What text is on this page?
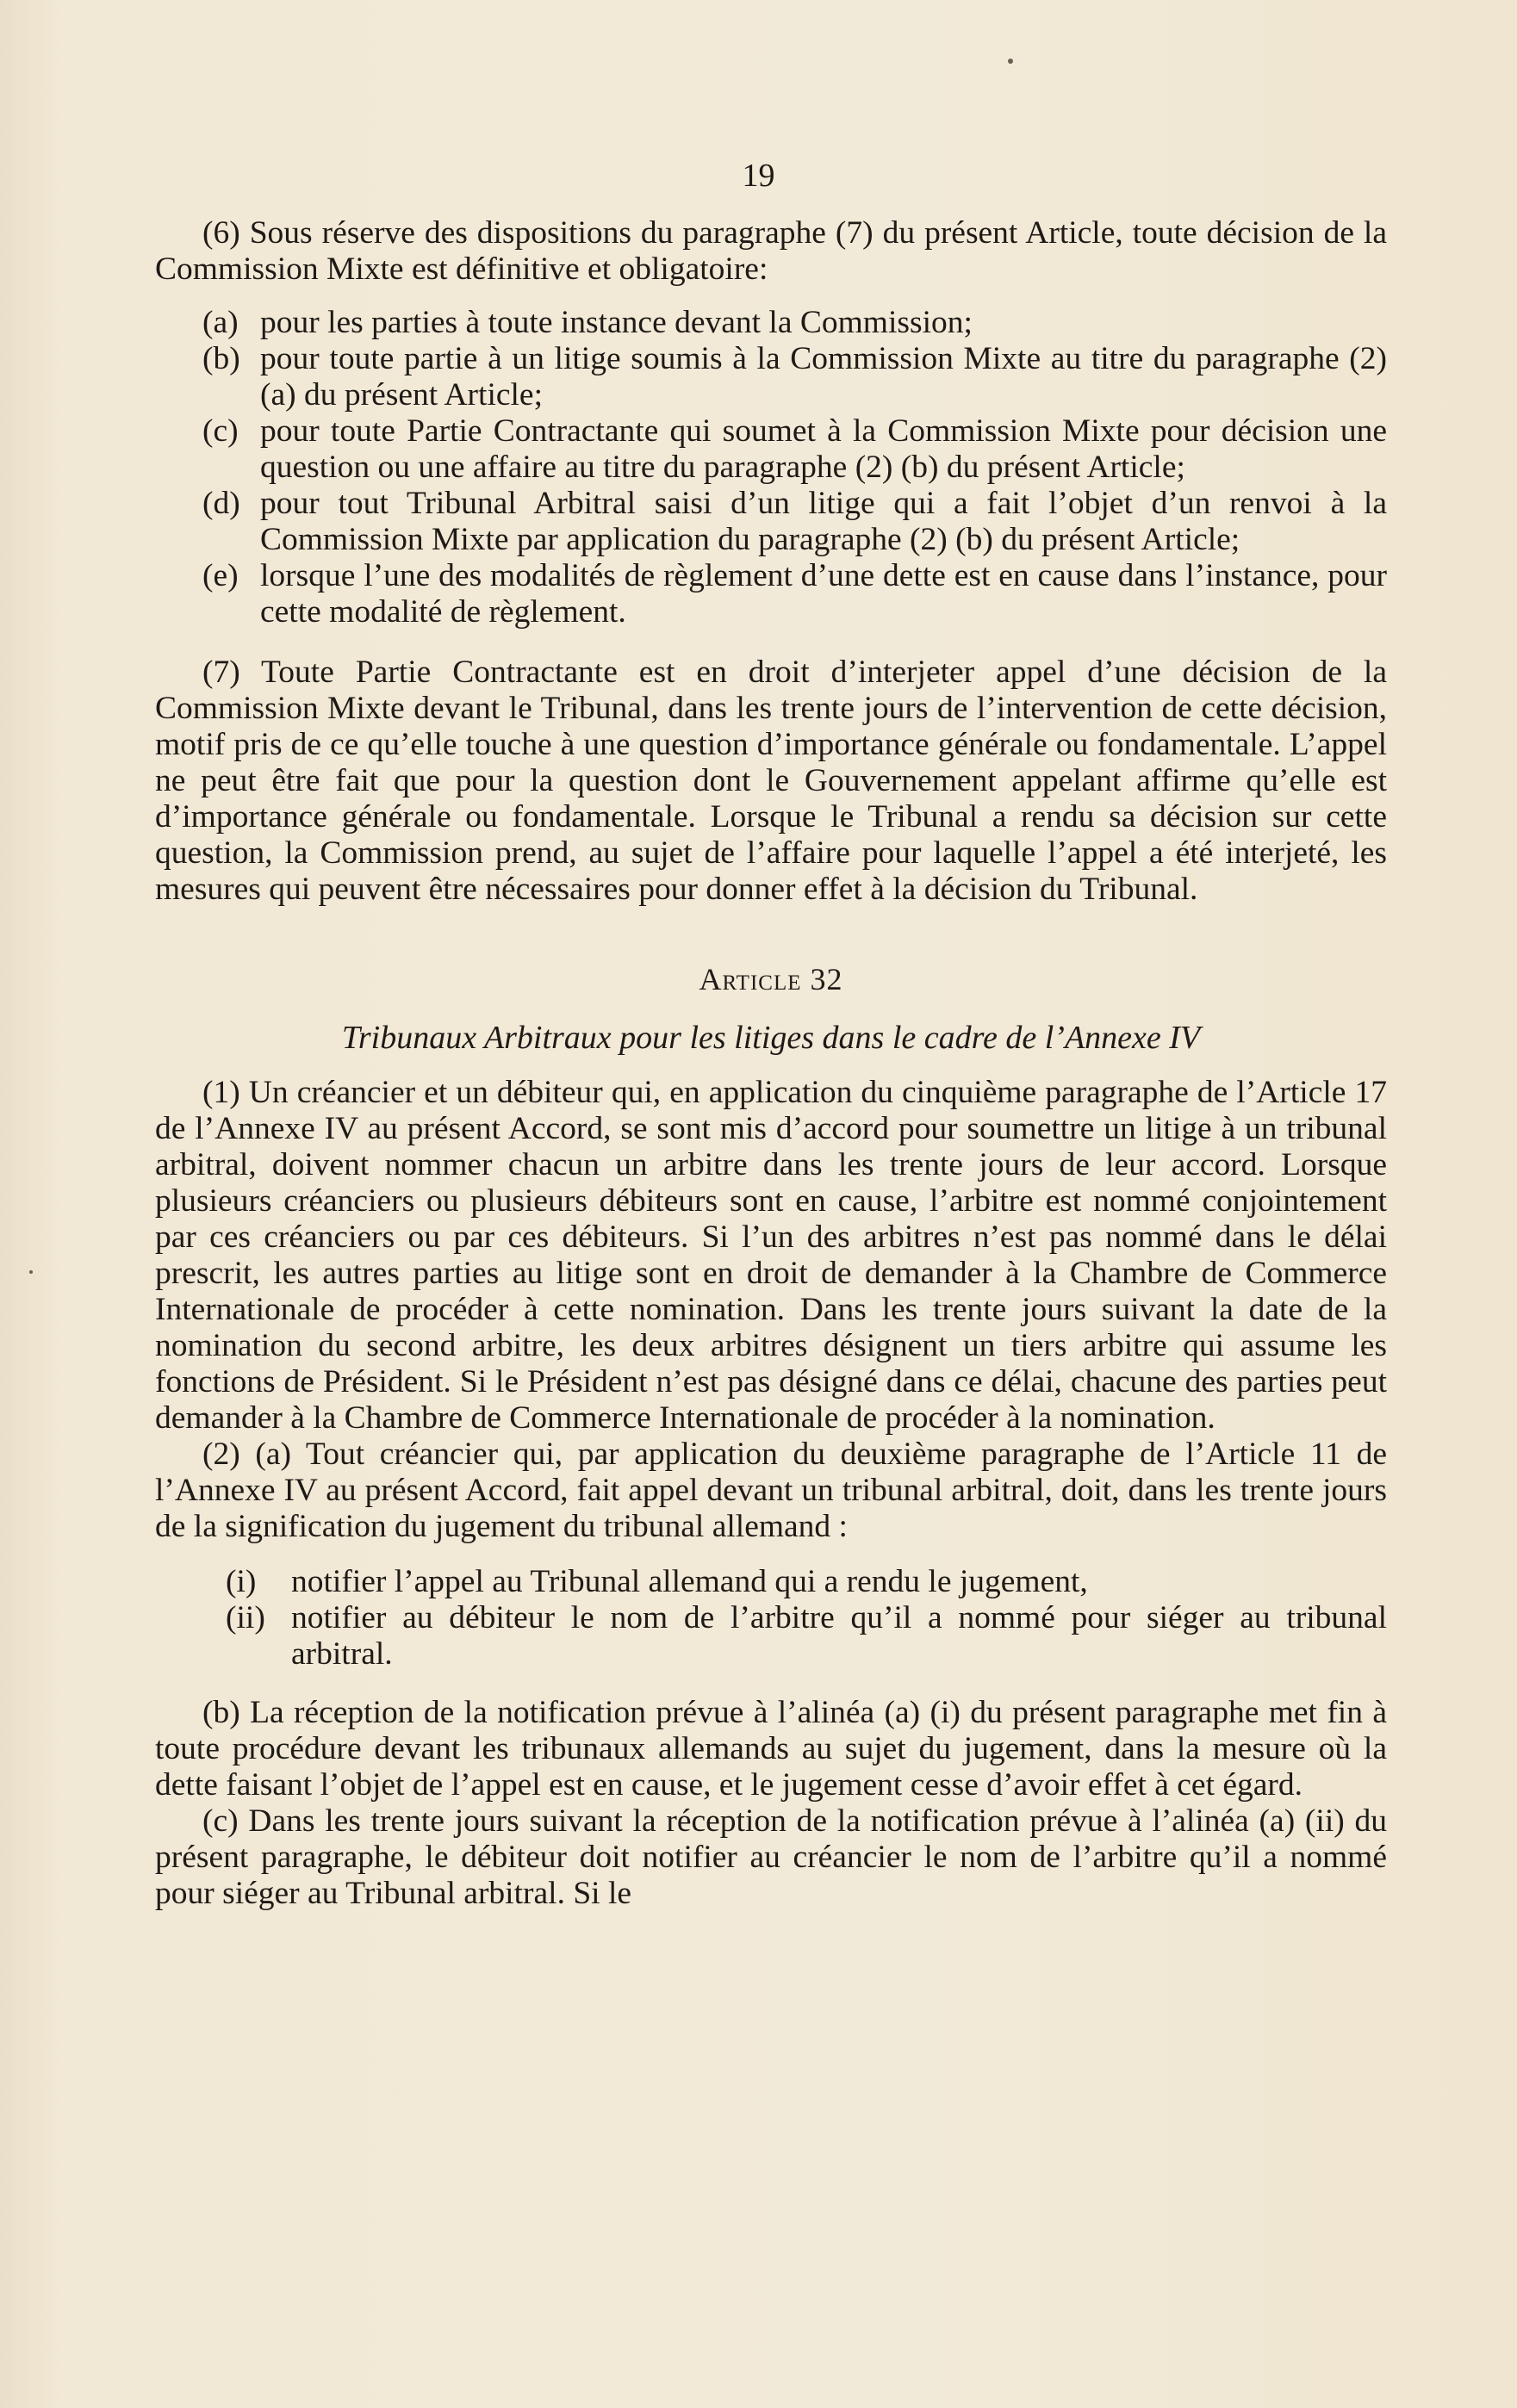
19

(6) Sous réserve des dispositions du paragraphe (7) du présent Article, toute décision de la Commission Mixte est définitive et obligatoire:

(a) pour les parties à toute instance devant la Commission;

(b) pour toute partie à un litige soumis à la Commission Mixte au titre du paragraphe (2) (a) du présent Article;

(c) pour toute Partie Contractante qui soumet à la Commission Mixte pour décision une question ou une affaire au titre du paragraphe (2) (b) du présent Article;

(d) pour tout Tribunal Arbitral saisi d’un litige qui a fait l’objet d’un renvoi à la Commission Mixte par application du paragraphe (2) (b) du présent Article;

(e) lorsque l’une des modalités de règlement d’une dette est en cause dans l’instance, pour cette modalité de règlement.

(7) Toute Partie Contractante est en droit d’interjeter appel d’une décision de la Commission Mixte devant le Tribunal, dans les trente jours de l’intervention de cette décision, motif pris de ce qu’elle touche à une question d’importance générale ou fondamentale. L’appel ne peut être fait que pour la question dont le Gouvernement appelant affirme qu’elle est d’importance générale ou fondamentale. Lorsque le Tribunal a rendu sa décision sur cette question, la Commission prend, au sujet de l’affaire pour laquelle l’appel a été interjeté, les mesures qui peuvent être nécessaires pour donner effet à la décision du Tribunal.

Article 32

Tribunaux Arbitraux pour les litiges dans le cadre de l’Annexe IV

(1) Un créancier et un débiteur qui, en application du cinquième paragraphe de l’Article 17 de l’Annexe IV au présent Accord, se sont mis d’accord pour soumettre un litige à un tribunal arbitral, doivent nommer chacun un arbitre dans les trente jours de leur accord. Lorsque plusieurs créanciers ou plusieurs débiteurs sont en cause, l’arbitre est nommé conjointement par ces créanciers ou par ces débiteurs. Si l’un des arbitres n’est pas nommé dans le délai prescrit, les autres parties au litige sont en droit de demander à la Chambre de Commerce Internationale de procéder à cette nomination. Dans les trente jours suivant la date de la nomination du second arbitre, les deux arbitres désignent un tiers arbitre qui assume les fonctions de Président. Si le Président n’est pas désigné dans ce délai, chacune des parties peut demander à la Chambre de Commerce Internationale de procéder à la nomination.

(2) (a) Tout créancier qui, par application du deuxième paragraphe de l’Article 11 de l’Annexe IV au présent Accord, fait appel devant un tribunal arbitral, doit, dans les trente jours de la signification du jugement du tribunal allemand :

(i) notifier l’appel au Tribunal allemand qui a rendu le jugement,

(ii) notifier au débiteur le nom de l’arbitre qu’il a nommé pour siéger au tribunal arbitral.

(b) La réception de la notification prévue à l’alinéa (a) (i) du présent paragraphe met fin à toute procédure devant les tribunaux allemands au sujet du jugement, dans la mesure où la dette faisant l’objet de l’appel est en cause, et le jugement cesse d’avoir effet à cet égard.

(c) Dans les trente jours suivant la réception de la notification prévue à l’alinéa (a) (ii) du présent paragraphe, le débiteur doit notifier au créancier le nom de l’arbitre qu’il a nommé pour siéger au Tribunal arbitral. Si le
